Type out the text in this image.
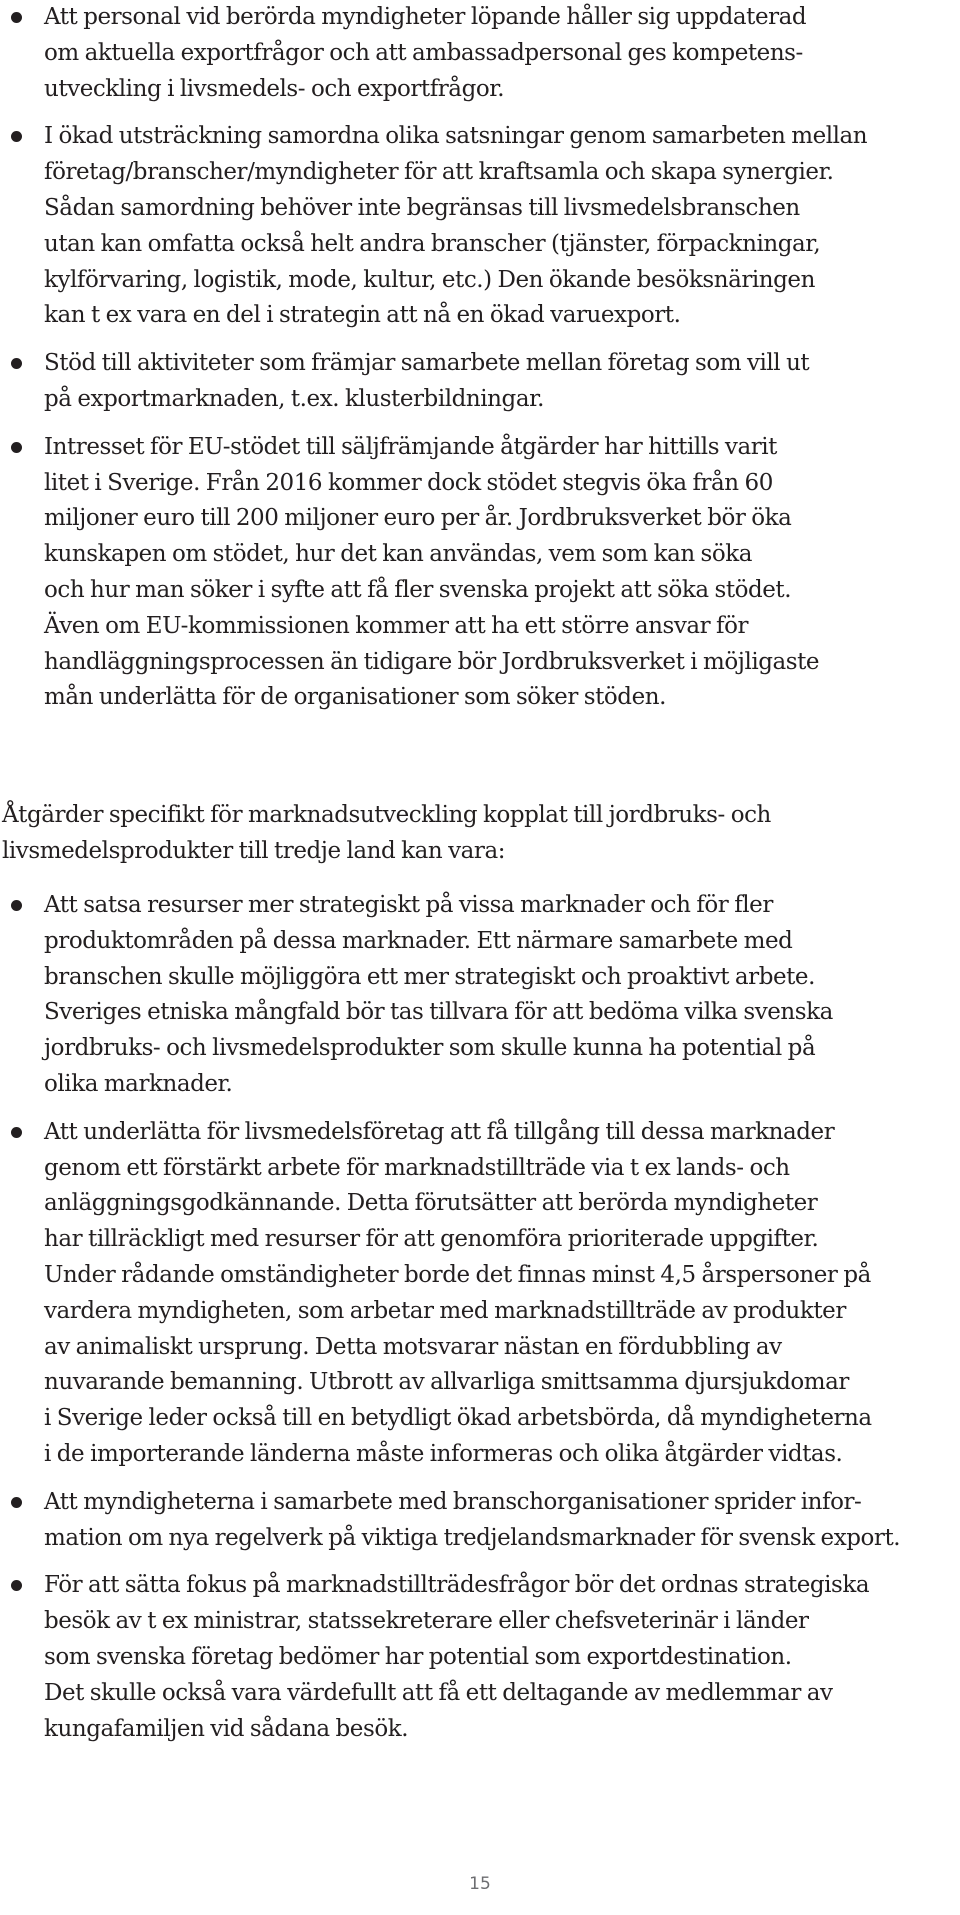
Att personal vid berörda myndigheter löpande håller sig uppdaterad
om aktuella exportfrågor och att ambassadpersonal ges kompetens-
utveckling i livsmedels- och exportfrågor.
I ökad utsträckning samordna olika satsningar genom samarbeten mellan
företag/branscher/myndigheter för att kraftsamla och skapa synergier.
Sådan samordning behöver inte begränsas till livsmedelsbranschen
utan kan omfatta också helt andra branscher (tjänster, förpackningar,
kylförvaring, logistik, mode, kultur, etc.) Den ökande besöksnäringen
kan t ex vara en del i strategin att nå en ökad varuexport.
Stöd till aktiviteter som främjar samarbete mellan företag som vill ut
på exportmarknaden, t.ex. klusterbildningar.
Intresset för EU-stödet till säljfrämjande åtgärder har hittills varit
litet i Sverige. Från 2016 kommer dock stödet stegvis öka från 60
miljoner euro till 200 miljoner euro per år. Jordbruksverket bör öka
kunskapen om stödet, hur det kan användas, vem som kan söka
och hur man söker i syfte att få fler svenska projekt att söka stödet.
Även om EU-kommissionen kommer att ha ett större ansvar för
handläggningsprocessen än tidigare bör Jordbruksverket i möjligaste
mån underlätta för de organisationer som söker stöden.

Åtgärder specifikt för marknadsutveckling kopplat till jordbruks- och
livsmedelsprodukter till tredje land kan vara:

Att satsa resurser mer strategiskt på vissa marknader och för fler
produktområden på dessa marknader. Ett närmare samarbete med
branschen skulle möjliggöra ett mer strategiskt och proaktivt arbete.
Sveriges etniska mångfald bör tas tillvara för att bedöma vilka svenska
jordbruks- och livsmedelsprodukter som skulle kunna ha potential på
olika marknader.
Att underlätta för livsmedelsföretag att få tillgång till dessa marknader
genom ett förstärkt arbete för marknadstillträde via t ex lands- och
anläggningsgodkännande. Detta förutsätter att berörda myndigheter
har tillräckligt med resurser för att genomföra prioriterade uppgifter.
Under rådande omständigheter borde det finnas minst 4,5 årspersoner på
vardera myndigheten, som arbetar med marknadstillträde av produkter
av animaliskt ursprung. Detta motsvarar nästan en fördubbling av
nuvarande bemanning. Utbrott av allvarliga smittsamma djursjukdomar
i Sverige leder också till en betydligt ökad arbetsbörda, då myndigheterna
i de importerande länderna måste informeras och olika åtgärder vidtas.
Att myndigheterna i samarbete med branschorganisationer sprider infor-
mation om nya regelverk på viktiga tredjelandsmarknader för svensk export.
För att sätta fokus på marknadstillträdesfrågor bör det ordnas strategiska
besök av t ex ministrar, statssekreterare eller chefsveterinär i länder
som svenska företag bedömer har potential som exportdestination.
Det skulle också vara värdefullt att få ett deltagande av medlemmar av
kungafamiljen vid sådana besök.
15
